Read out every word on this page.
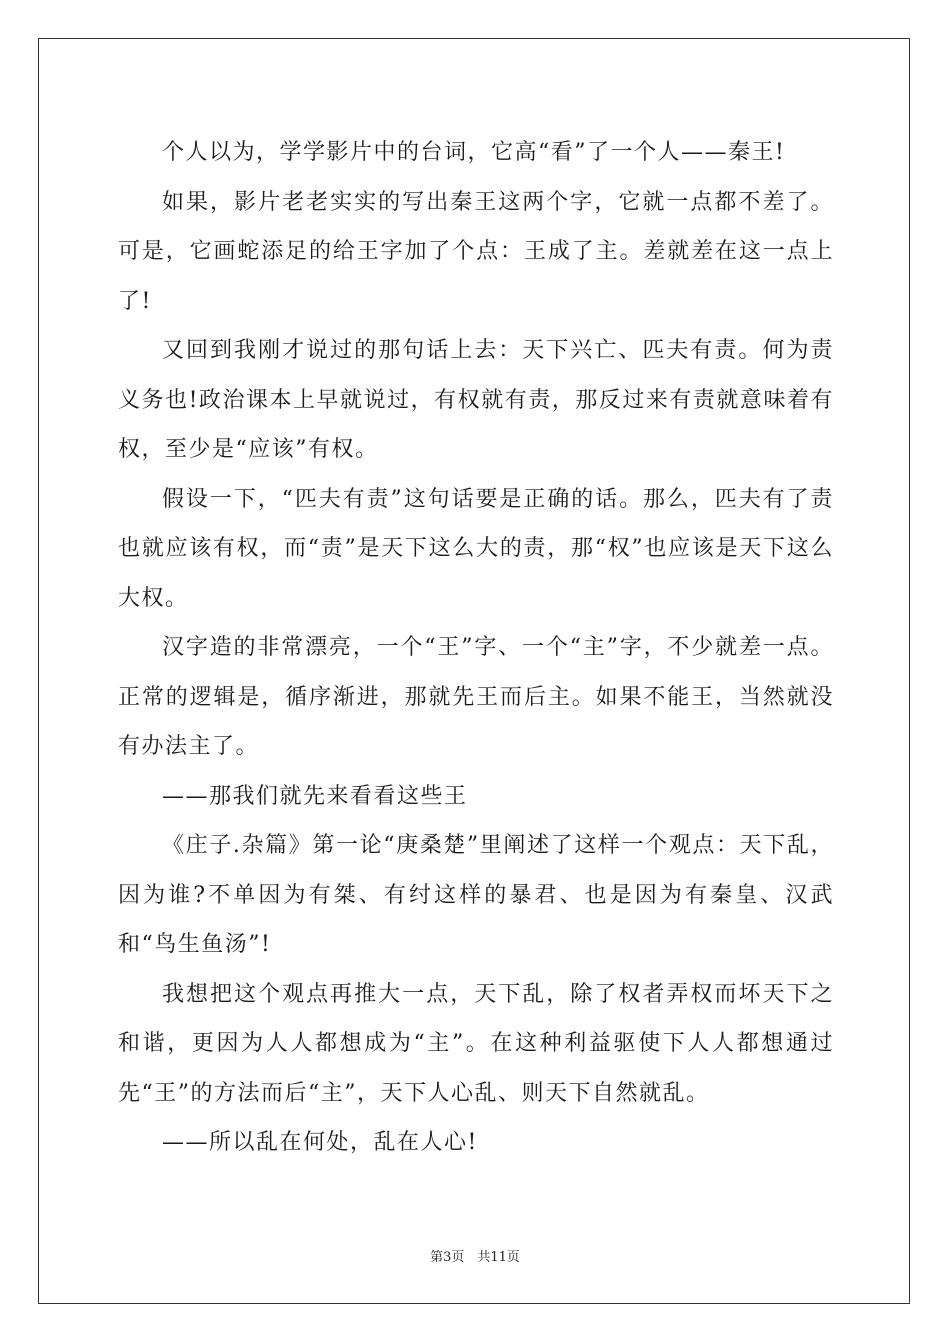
个人以为，学学影片中的台词，它高“看”了一个人——秦王!

如果，影片老老实实的写出秦王这两个字，它就一点都不差了。可是，它画蛇添足的给王字加了个点：王成了主。差就差在这一点上了!

又回到我刚才说过的那句话上去：天下兴亡、匹夫有责。何为责义务也!政治课本上早就说过，有权就有责，那反过来有责就意味着有权，至少是“应该”有权。

假设一下，“匹夫有责”这句话要是正确的话。那么，匹夫有了责也就应该有权，而“责”是天下这么大的责，那“权”也应该是天下这么大权。

汉字造的非常漂亮，一个“王”字、一个“主”字，不少就差一点。正常的逻辑是，循序渐进，那就先王而后主。如果不能王，当然就没有办法主了。

——那我们就先来看看这些王

《庄子.杂篇》第一论“庚桑楚”里阐述了这样一个观点：天下乱，因为谁?不单因为有桀、有纣这样的暴君、也是因为有秦皇、汉武和“鸟生鱼汤”!

我想把这个观点再推大一点，天下乱，除了权者弄权而坏天下之和谐，更因为人人都想成为“主”。在这种利益驱使下人人都想通过先“王”的方法而后“主”，天下人心乱、则天下自然就乱。

——所以乱在何处，乱在人心!

第3页　共11页
